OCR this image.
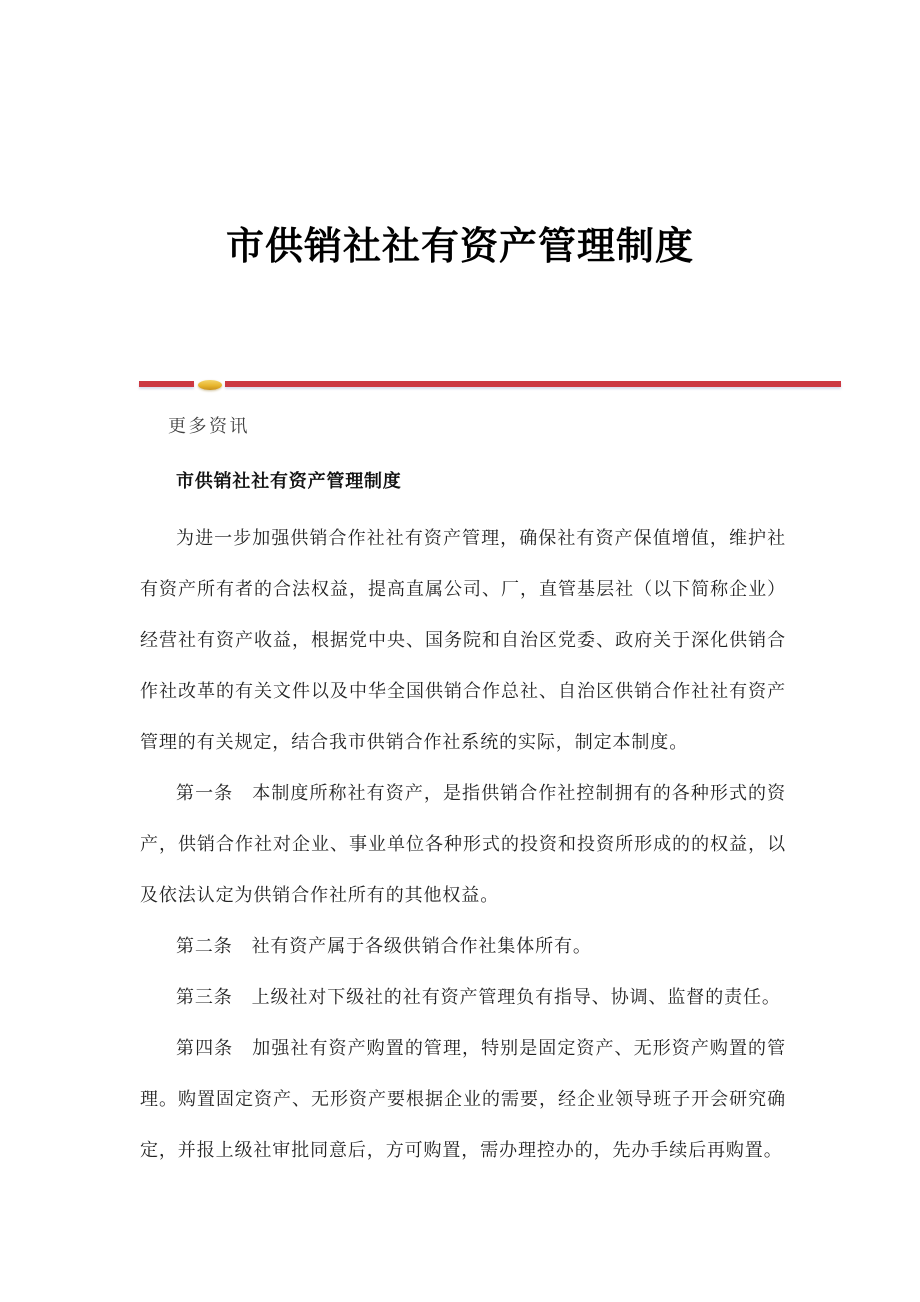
市供销社社有资产管理制度
更多资讯
市供销社社有资产管理制度

为进一步加强供销合作社社有资产管理，确保社有资产保值增值，维护社有资产所有者的合法权益，提高直属公司、厂，直管基层社（以下简称企业）经营社有资产收益，根据党中央、国务院和自治区党委、政府关于深化供销合作社改革的有关文件以及中华全国供销合作总社、自治区供销合作社社有资产管理的有关规定，结合我市供销合作社系统的实际，制定本制度。

第一条　本制度所称社有资产，是指供销合作社控制拥有的各种形式的资产，供销合作社对企业、事业单位各种形式的投资和投资所形成的的权益，以及依法认定为供销合作社所有的其他权益。

第二条　社有资产属于各级供销合作社集体所有。

第三条　上级社对下级社的社有资产管理负有指导、协调、监督的责任。

第四条　加强社有资产购置的管理，特别是固定资产、无形资产购置的管理。购置固定资产、无形资产要根据企业的需要，经企业领导班子开会研究确定，并报上级社审批同意后，方可购置，需办理控办的，先办手续后再购置。
